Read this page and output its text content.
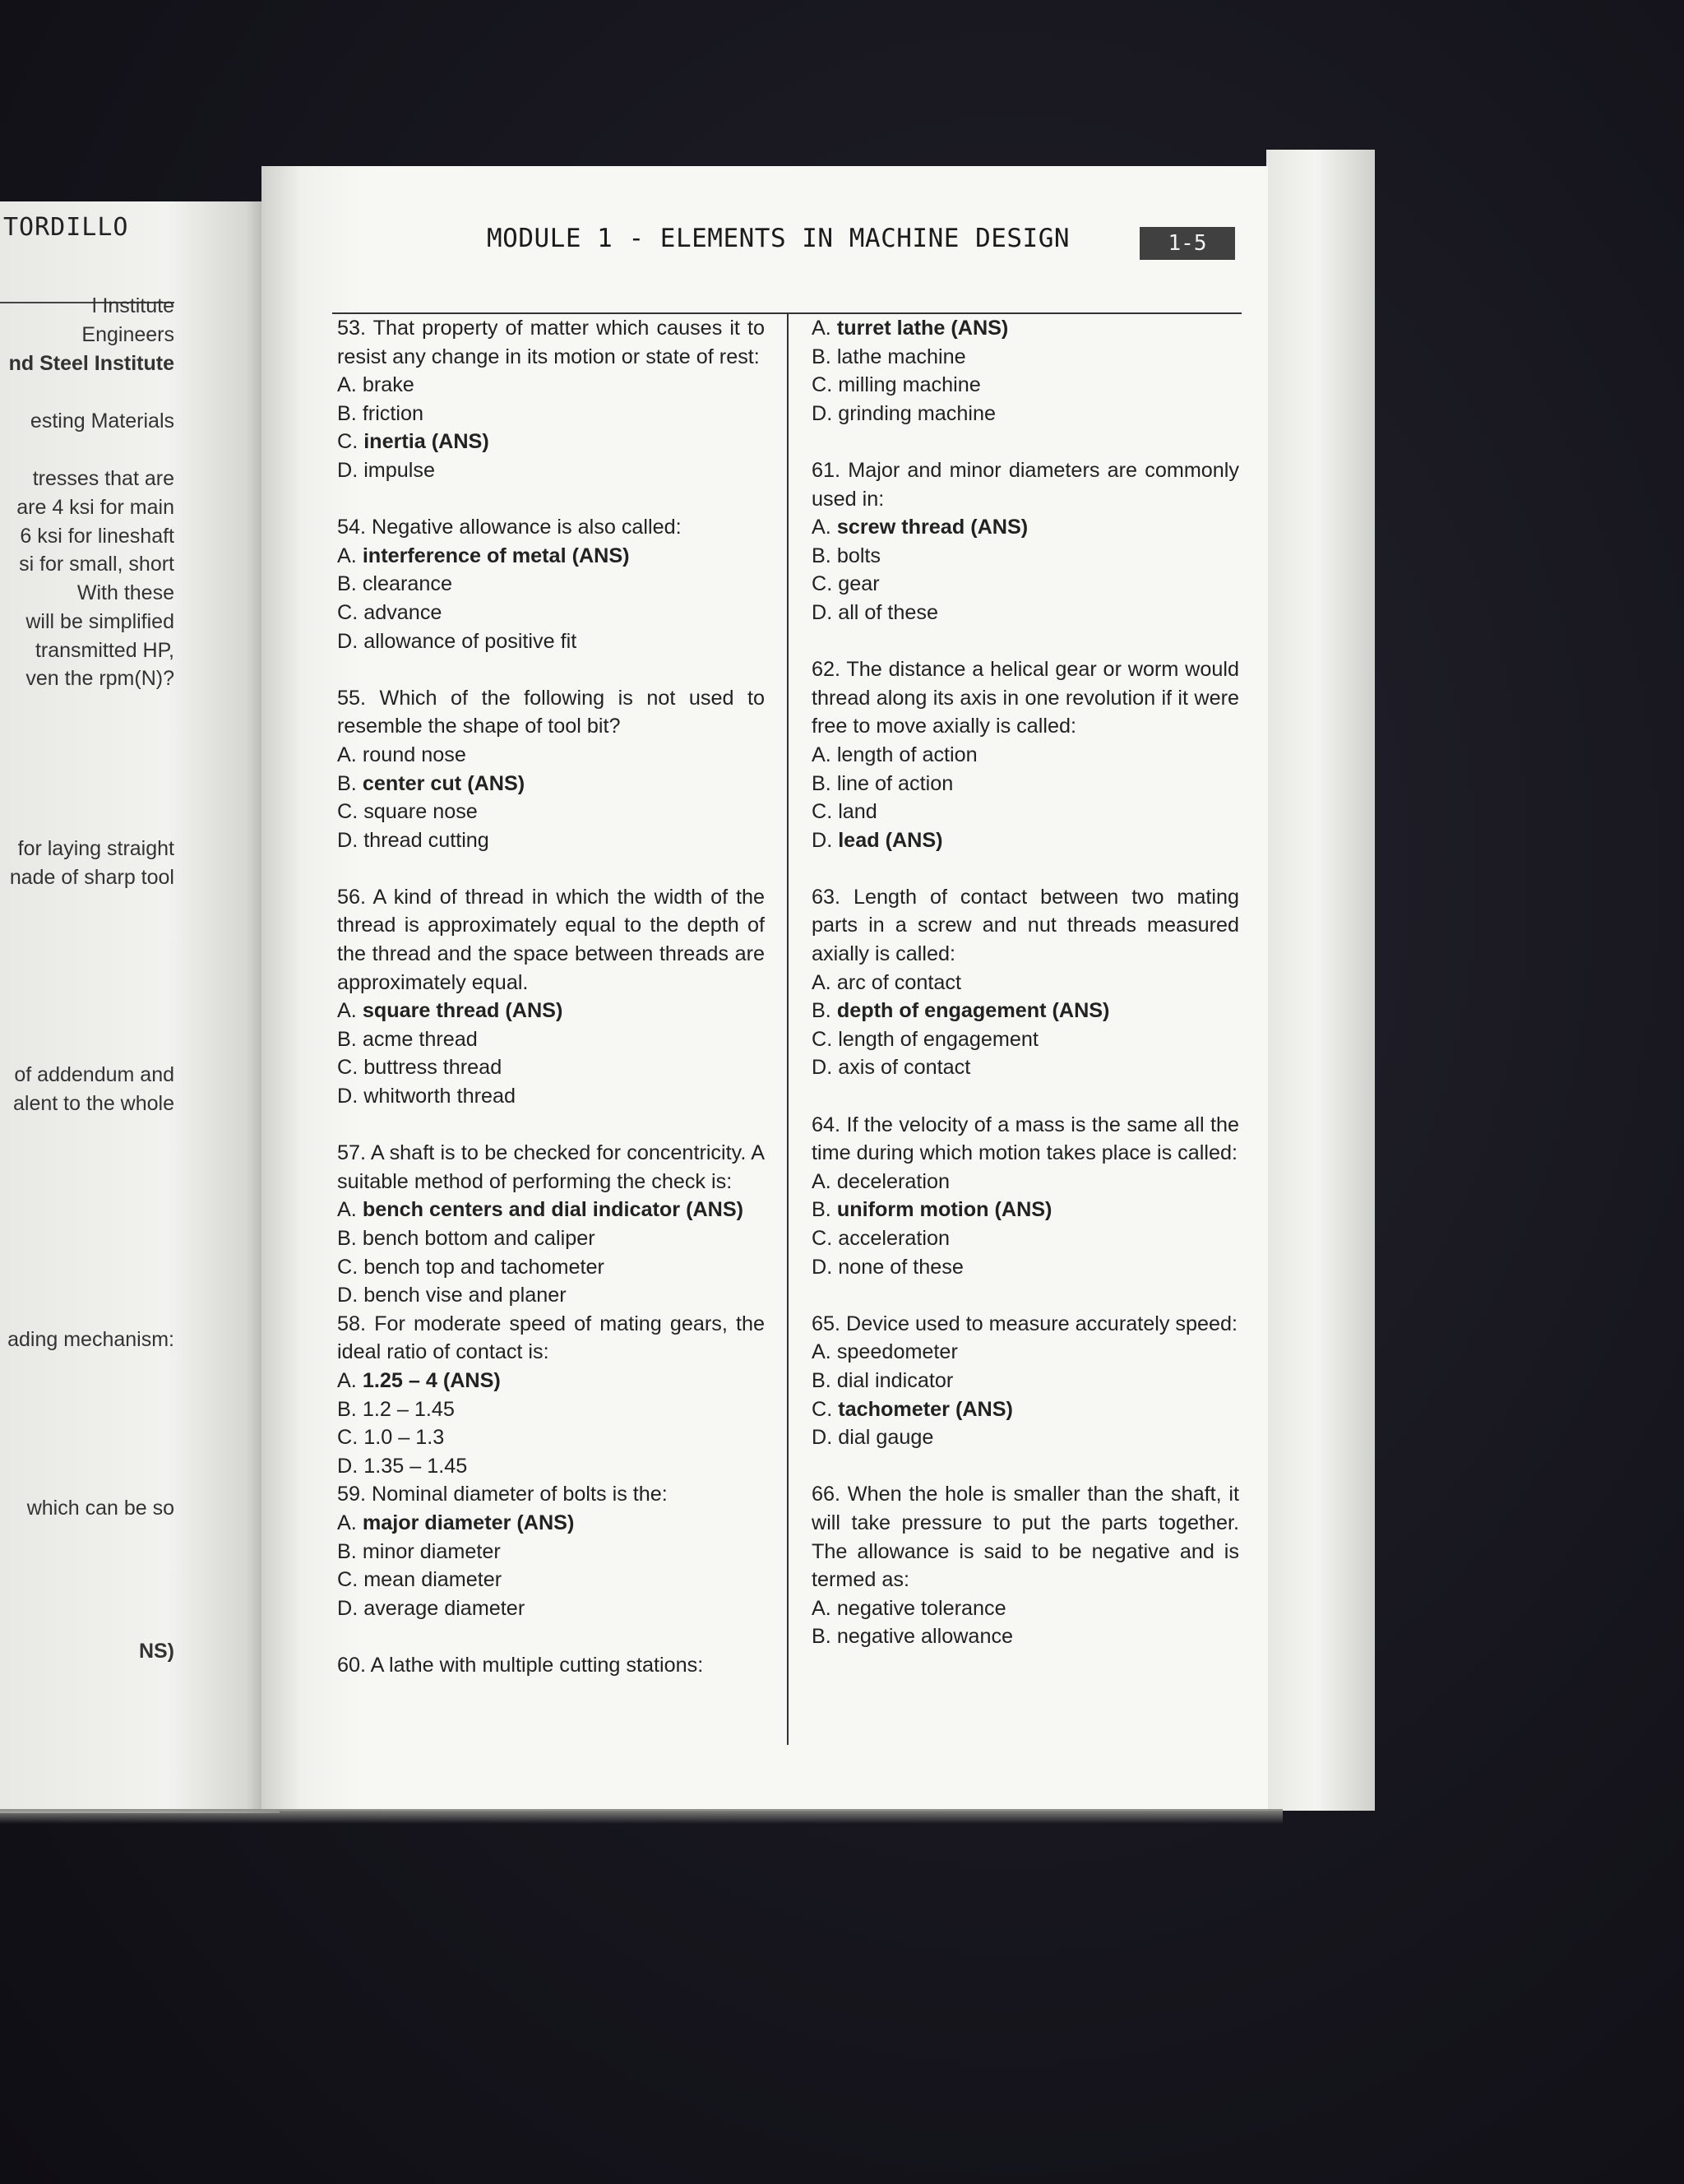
TORDILLO
l Institute
Engineers
nd Steel Institute
esting Materials
tresses that are
are 4 ksi for main
6 ksi for lineshaft
si for small, short
With these
will be simplified
transmitted HP,
ven the rpm(N)?
for laying straight
nade of sharp tool
of addendum and
alent to the whole
ading mechanism:
which can be so
NS)
MODULE 1 - ELEMENTS IN MACHINE DESIGN	1-5

53. That property of matter which causes it to resist any change in its motion or state of rest:

A. brake
B. friction
C. inertia (ANS)
D. impulse

54. Negative allowance is also called:

A. interference of metal (ANS)
B. clearance
C. advance
D. allowance of positive fit

55. Which of the following is not used to resemble the shape of tool bit?

A. round nose
B. center cut (ANS)
C. square nose
D. thread cutting

56. A kind of thread in which the width of the thread is approximately equal to the depth of the thread and the space between threads are approximately equal.

A. square thread (ANS)
B. acme thread
C. buttress thread
D. whitworth thread

57. A shaft is to be checked for concentricity. A suitable method of performing the check is:

A. bench centers and dial indicator (ANS)
B. bench bottom and caliper
C. bench top and tachometer
D. bench vise and planer

58. For moderate speed of mating gears, the ideal ratio of contact is:

A. 1.25 – 4 (ANS)
B. 1.2 – 1.45
C. 1.0 – 1.3
D. 1.35 – 1.45

59. Nominal diameter of bolts is the:

A. major diameter (ANS)
B. minor diameter
C. mean diameter
D. average diameter

60. A lathe with multiple cutting stations:

A. turret lathe (ANS)
B. lathe machine
C. milling machine
D. grinding machine

61. Major and minor diameters are commonly used in:

A. screw thread (ANS)
B. bolts
C. gear
D. all of these

62. The distance a helical gear or worm would thread along its axis in one revolution if it were free to move axially is called:

A. length of action
B. line of action
C. land
D. lead (ANS)

63. Length of contact between two mating parts in a screw and nut threads measured axially is called:

A. arc of contact
B. depth of engagement (ANS)
C. length of engagement
D. axis of contact

64. If the velocity of a mass is the same all the time during which motion takes place is called:

A. deceleration
B. uniform motion (ANS)
C. acceleration
D. none of these

65. Device used to measure accurately speed:

A. speedometer
B. dial indicator
C. tachometer (ANS)
D. dial gauge

66. When the hole is smaller than the shaft, it will take pressure to put the parts together. The allowance is said to be negative and is termed as:

A. negative tolerance
B. negative allowance
